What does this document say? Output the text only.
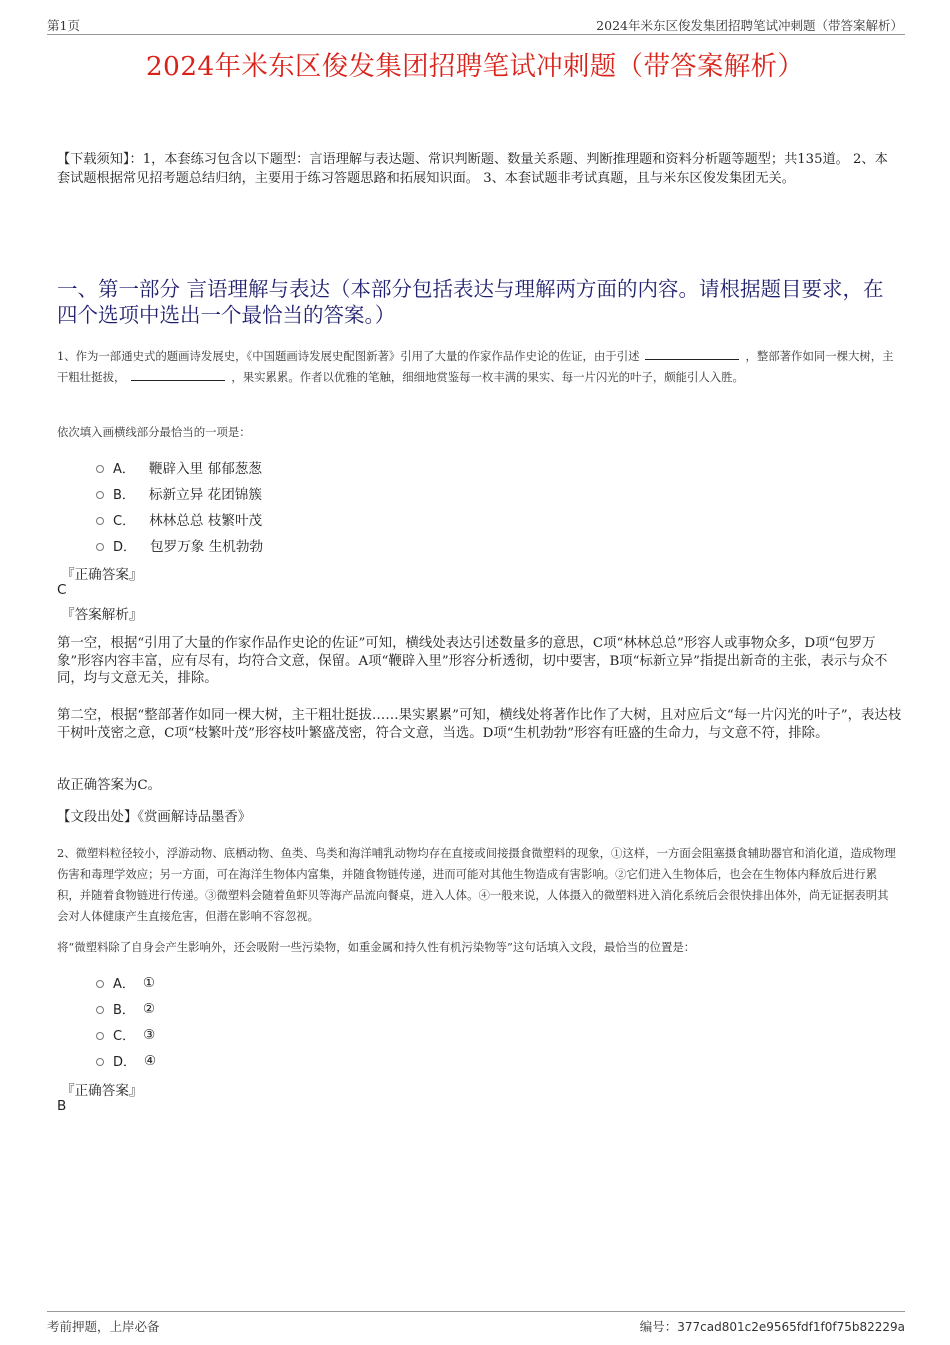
第1页	2024年米东区俊发集团招聘笔试冲刺题（带答案解析）
2024年米东区俊发集团招聘笔试冲刺题（带答案解析）
【下载须知】：1，本套练习包含以下题型：言语理解与表达题、常识判断题、数量关系题、判断推理题和资料分析题等题型；共135道。 2、本套试题根据常见招考题总结归纳，主要用于练习答题思路和拓展知识面。 3、本套试题非考试真题，且与米东区俊发集团无关。
一、第一部分 言语理解与表达（本部分包括表达与理解两方面的内容。请根据题目要求，在四个选项中选出一个最恰当的答案。）
1、作为一部通史式的题画诗发展史，《中国题画诗发展史配图新著》引用了大量的作家作品作史论的佐证，由于引述	，整部著作如同一棵大树，主干粗壮挺拔，	，果实累累。作者以优雅的笔触，细细地赏鉴每一枚丰满的果实、每一片闪光的叶子，颇能引人入胜。
依次填入画横线部分最恰当的一项是：
A． 鞭辟入里 郁郁葱葱
B． 标新立异 花团锦簇
C． 林林总总 枝繁叶茂
D． 包罗万象 生机勃勃
『正确答案』
C
『答案解析』
第一空，根据“引用了大量的作家作品作史论的佐证”可知，横线处表达引述数量多的意思，C项“林林总总”形容人或事物众多，D项“包罗万象”形容内容丰富，应有尽有，均符合文意，保留。A项“鞭辟入里”形容分析透彻，切中要害，B项“标新立异”指提出新奇的主张，表示与众不同，均与文意无关，排除。
第二空，根据“整部著作如同一棵大树，主干粗壮挺拔……果实累累”可知，横线处将著作比作了大树，且对应后文“每一片闪光的叶子”，表达枝干树叶茂密之意，C项“枝繁叶茂”形容枝叶繁盛茂密，符合文意，当选。D项“生机勃勃”形容有旺盛的生命力，与文意不符，排除。
故正确答案为C。
【文段出处】《赏画解诗品墨香》
2、微塑料粒径较小，浮游动物、底栖动物、鱼类、鸟类和海洋哺乳动物均存在直接或间接摄食微塑料的现象，①这样，一方面会阻塞摄食辅助器官和消化道，造成物理伤害和毒理学效应；另一方面，可在海洋生物体内富集，并随食物链传递，进而可能对其他生物造成有害影响。②它们进入生物体后，也会在生物体内释放后进行累积，并随着食物链进行传递。③微塑料会随着鱼虾贝等海产品流向餐桌，进入人体。④一般来说，人体摄入的微塑料进入消化系统后会很快排出体外，尚无证据表明其会对人体健康产生直接危害，但潜在影响不容忽视。
将“微塑料除了自身会产生影响外，还会吸附一些污染物，如重金属和持久性有机污染物等”这句话填入文段，最恰当的位置是：
A． ①
B． ②
C． ③
D． ④
『正确答案』
B
考前押题，上岸必备	编号：377cad801c2e9565fdf1f0f75b82229a
